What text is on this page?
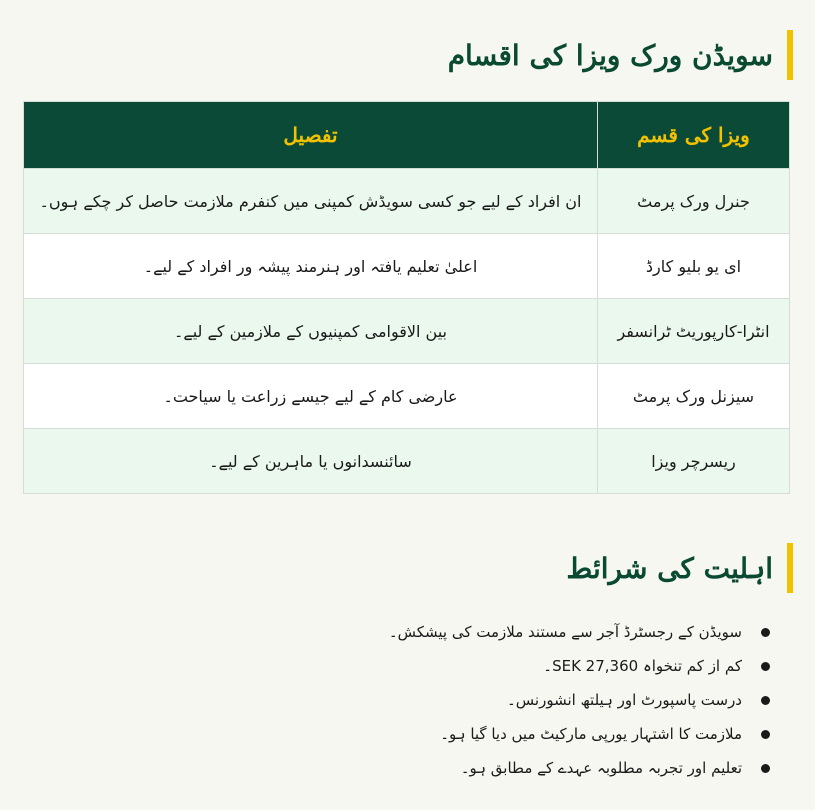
سویڈن ورک ویزا کی اقسام
ویزا کی قسم	تفصیل
جنرل ورک پرمٹ	ان افراد کے لیے جو کسی سویڈش کمپنی میں کنفرم ملازمت حاصل کر چکے ہوں۔
ای یو بلیو کارڈ	اعلیٰ تعلیم یافتہ اور ہنرمند پیشہ ور افراد کے لیے۔
انٹرا-کارپوریٹ ٹرانسفر	بین الاقوامی کمپنیوں کے ملازمین کے لیے۔
سیزنل ورک پرمٹ	عارضی کام کے لیے جیسے زراعت یا سیاحت۔
ریسرچر ویزا	سائنسدانوں یا ماہرین کے لیے۔
اہلیت کی شرائط
سویڈن کے رجسٹرڈ آجر سے مستند ملازمت کی پیشکش۔
کم از کم تنخواہ SEK 27,360۔
درست پاسپورٹ اور ہیلتھ انشورنس۔
ملازمت کا اشتہار یورپی مارکیٹ میں دیا گیا ہو۔
تعلیم اور تجربہ مطلوبہ عہدے کے مطابق ہو۔
